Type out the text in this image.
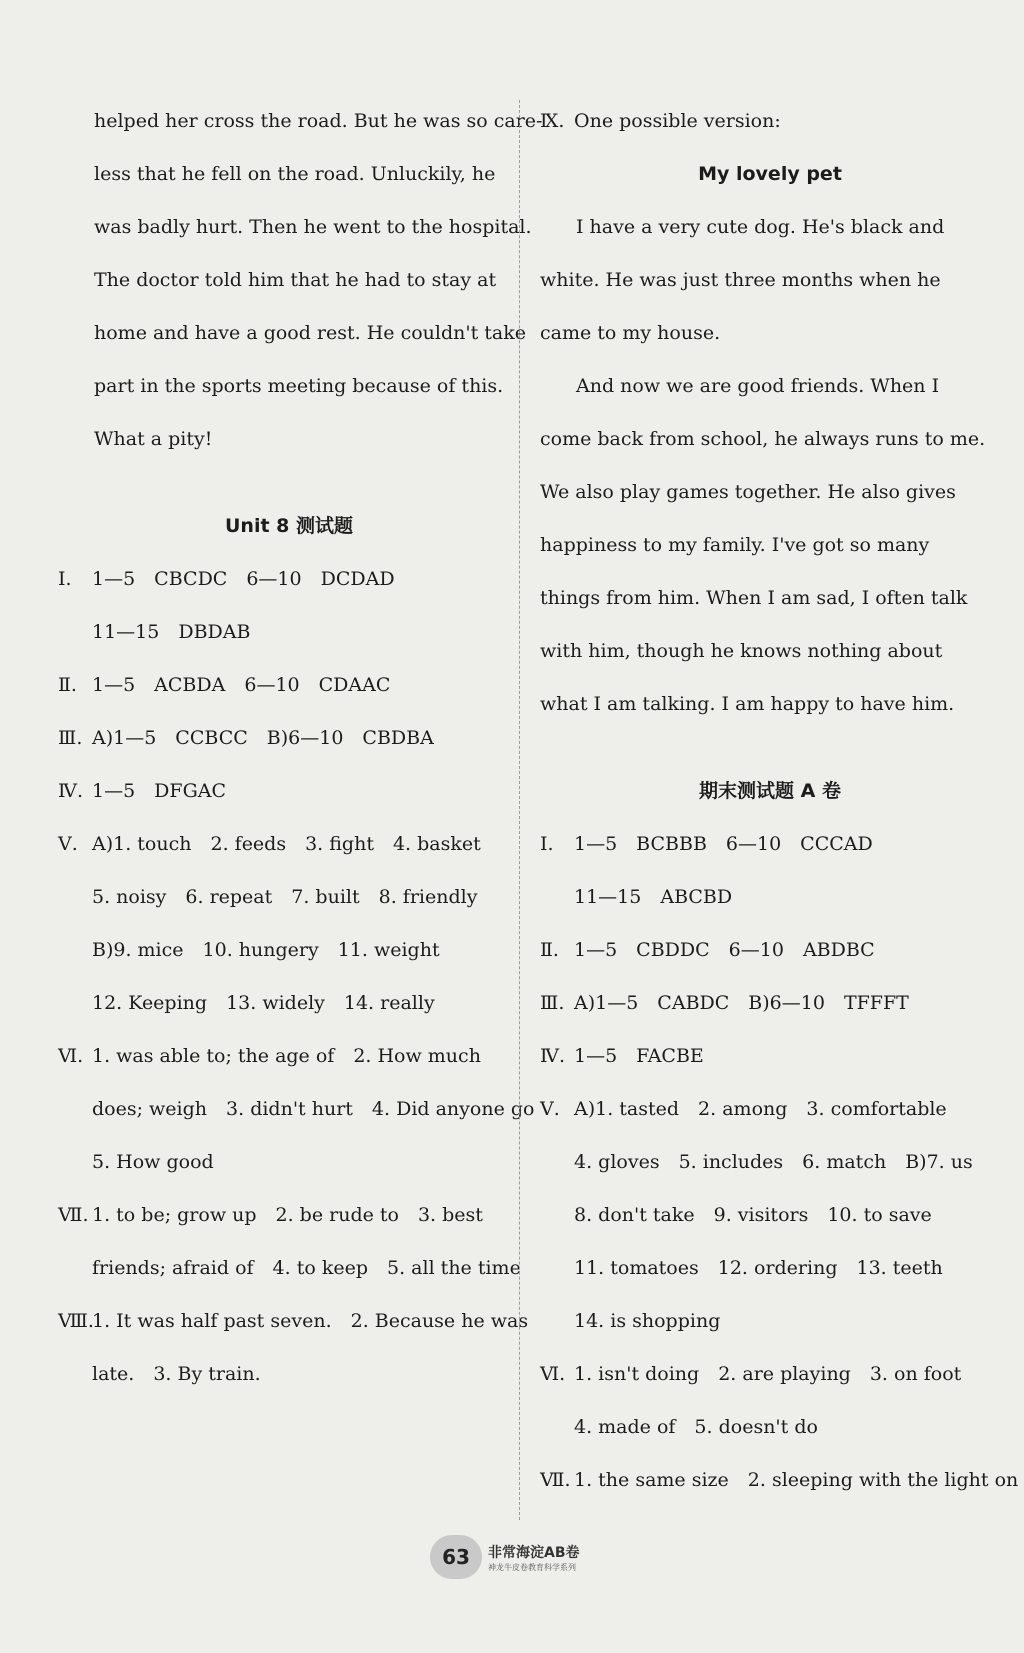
helped her cross the road. But he was so care-
less that he fell on the road. Unluckily, he
was badly hurt. Then he went to the hospital.
The doctor told him that he had to stay at
home and have a good rest. He couldn't take
part in the sports meeting because of this.
What a pity!
Unit 8 测试题
Ⅰ. 1—5　CBCDC　6—10　DCDAD
11—15　DBDAB
Ⅱ. 1—5　ACBDA　6—10　CDAAC
Ⅲ. A)1—5　CCBCC　B)6—10　CBDBA
Ⅳ. 1—5　DFGAC
Ⅴ. A)1. touch　2. feeds　3. fight　4. basket
5. noisy　6. repeat　7. built　8. friendly
B)9. mice　10. hungery　11. weight
12. Keeping　13. widely　14. really
Ⅵ. 1. was able to; the age of　2. How much
does; weigh　3. didn't hurt　4. Did anyone go
5. How good
Ⅶ. 1. to be; grow up　2. be rude to　3. best
friends; afraid of　4. to keep　5. all the time
Ⅷ.1. It was half past seven.　2. Because he was
late.　3. By train.
Ⅸ. One possible version:
My lovely pet
I have a very cute dog. He's black and
white. He was just three months when he
came to my house.
And now we are good friends. When I
come back from school, he always runs to me.
We also play games together. He also gives
happiness to my family. I've got so many
things from him. When I am sad, I often talk
with him, though he knows nothing about
what I am talking. I am happy to have him.
期末测试题 A 卷
Ⅰ. 1—5　BCBBB　6—10　CCCAD
11—15　ABCBD
Ⅱ. 1—5　CBDDC　6—10　ABDBC
Ⅲ. A)1—5　CABDC　B)6—10　TFFFT
Ⅳ. 1—5　FACBE
Ⅴ. A)1. tasted　2. among　3. comfortable
4. gloves　5. includes　6. match　B)7. us
8. don't take　9. visitors　10. to save
11. tomatoes　12. ordering　13. teeth
14. is shopping
Ⅵ. 1. isn't doing　2. are playing　3. on foot
4. made of　5. doesn't do
Ⅶ. 1. the same size　2. sleeping with the light on
63	非常海淀AB卷
神龙牛皮卷教育科学系列
